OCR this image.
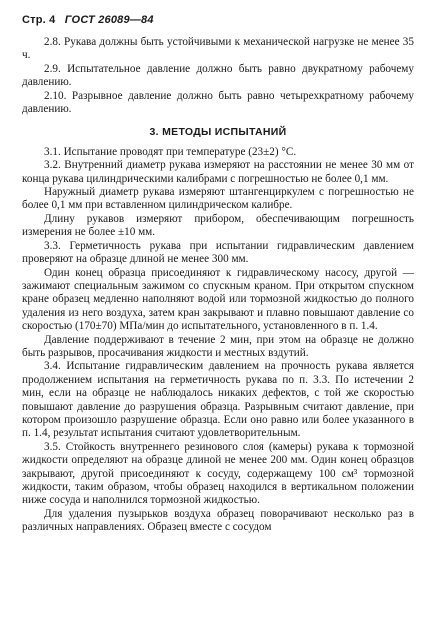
Стр. 4 ГОСТ 26089—84

2.8. Рукава должны быть устойчивыми к механической нагрузке не менее 35 ч.

2.9. Испытательное давление должно быть равно двукратному рабочему давлению.

2.10. Разрывное давление должно быть равно четырехкратному рабочему давлению.

3. МЕТОДЫ ИСПЫТАНИЙ

3.1. Испытание проводят при температуре (23±2) °С.

3.2. Внутренний диаметр рукава измеряют на расстоянии не менее 30 мм от конца рукава цилиндрическими калибрами с погрешностью не более 0,1 мм.

Наружный диаметр рукава измеряют штангенциркулем с погрешностью не более 0,1 мм при вставленном цилиндрическом калибре.

Длину рукавов измеряют прибором, обеспечивающим погрешность измерения не более ±10 мм.

3.3. Герметичность рукава при испытании гидравлическим давлением проверяют на образце длиной не менее 300 мм.

Один конец образца присоединяют к гидравлическому насосу, другой — зажимают специальным зажимом со спускным краном. При открытом спускном кране образец медленно наполняют водой или тормозной жидкостью до полного удаления из него воздуха, затем кран закрывают и плавно повышают давление со скоростью (170±70) МПа/мин до испытательного, установленного в п. 1.4.

Давление поддерживают в течение 2 мин, при этом на образце не должно быть разрывов, просачивания жидкости и местных вздутий.

3.4. Испытание гидравлическим давлением на прочность рукава является продолжением испытания на герметичность рукава по п. 3.3. По истечении 2 мин, если на образце не наблюдалось никаких дефектов, с той же скоростью повышают давление до разрушения образца. Разрывным считают давление, при котором произошло разрушение образца. Если оно равно или более указанного в п. 1.4, результат испытания считают удовлетворительным.

3.5. Стойкость внутреннего резинового слоя (камеры) рукава к тормозной жидкости определяют на образце длиной не менее 200 мм. Один конец образцов закрывают, другой присоединяют к сосуду, содержащему 100 см³ тормозной жидкости, таким образом, чтобы образец находился в вертикальном положении ниже сосуда и наполнился тормозной жидкостью.

Для удаления пузырьков воздуха образец поворачивают несколько раз в различных направлениях. Образец вместе с сосудом
